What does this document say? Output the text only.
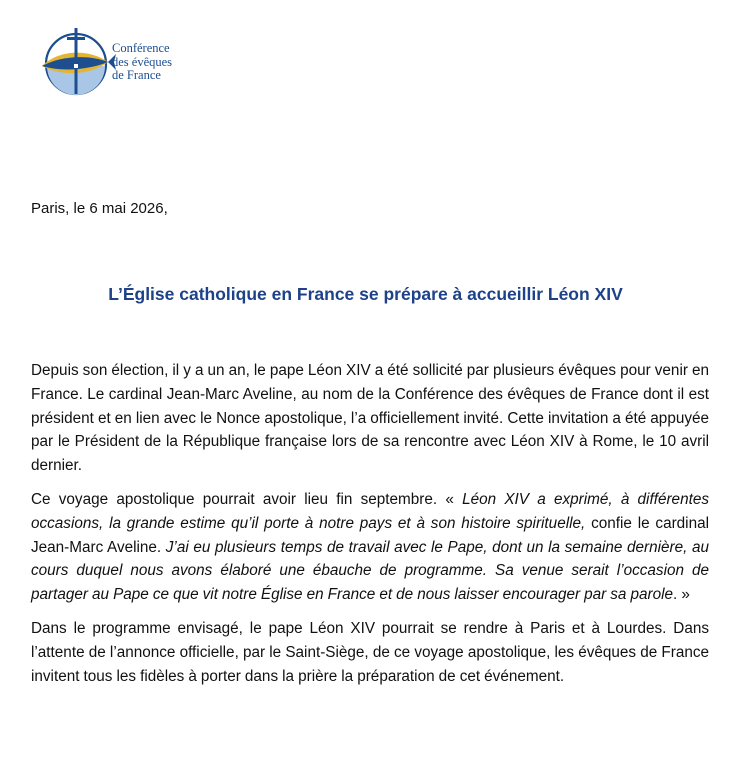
Conférence
des évêques
de France

Paris, le 6 mai 2026,

L’Église catholique en France se prépare à accueillir Léon XIV

Depuis son élection, il y a un an, le pape Léon XIV a été sollicité par plusieurs évêques pour venir en France. Le cardinal Jean-Marc Aveline, au nom de la Conférence des évêques de France dont il est président et en lien avec le Nonce apostolique, l’a officiellement invité. Cette invitation a été appuyée par le Président de la République française lors de sa rencontre avec Léon XIV à Rome, le 10 avril dernier.

Ce voyage apostolique pourrait avoir lieu fin septembre. « Léon XIV a exprimé, à différentes occasions, la grande estime qu’il porte à notre pays et à son histoire spirituelle, confie le cardinal Jean-Marc Aveline. J’ai eu plusieurs temps de travail avec le Pape, dont un la semaine dernière, au cours duquel nous avons élaboré une ébauche de programme. Sa venue serait l’occasion de partager au Pape ce que vit notre Église en France et de nous laisser encourager par sa parole. »

Dans le programme envisagé, le pape Léon XIV pourrait se rendre à Paris et à Lourdes. Dans l’attente de l’annonce officielle, par le Saint-Siège, de ce voyage apostolique, les évêques de France invitent tous les fidèles à porter dans la prière la préparation de cet événement.
